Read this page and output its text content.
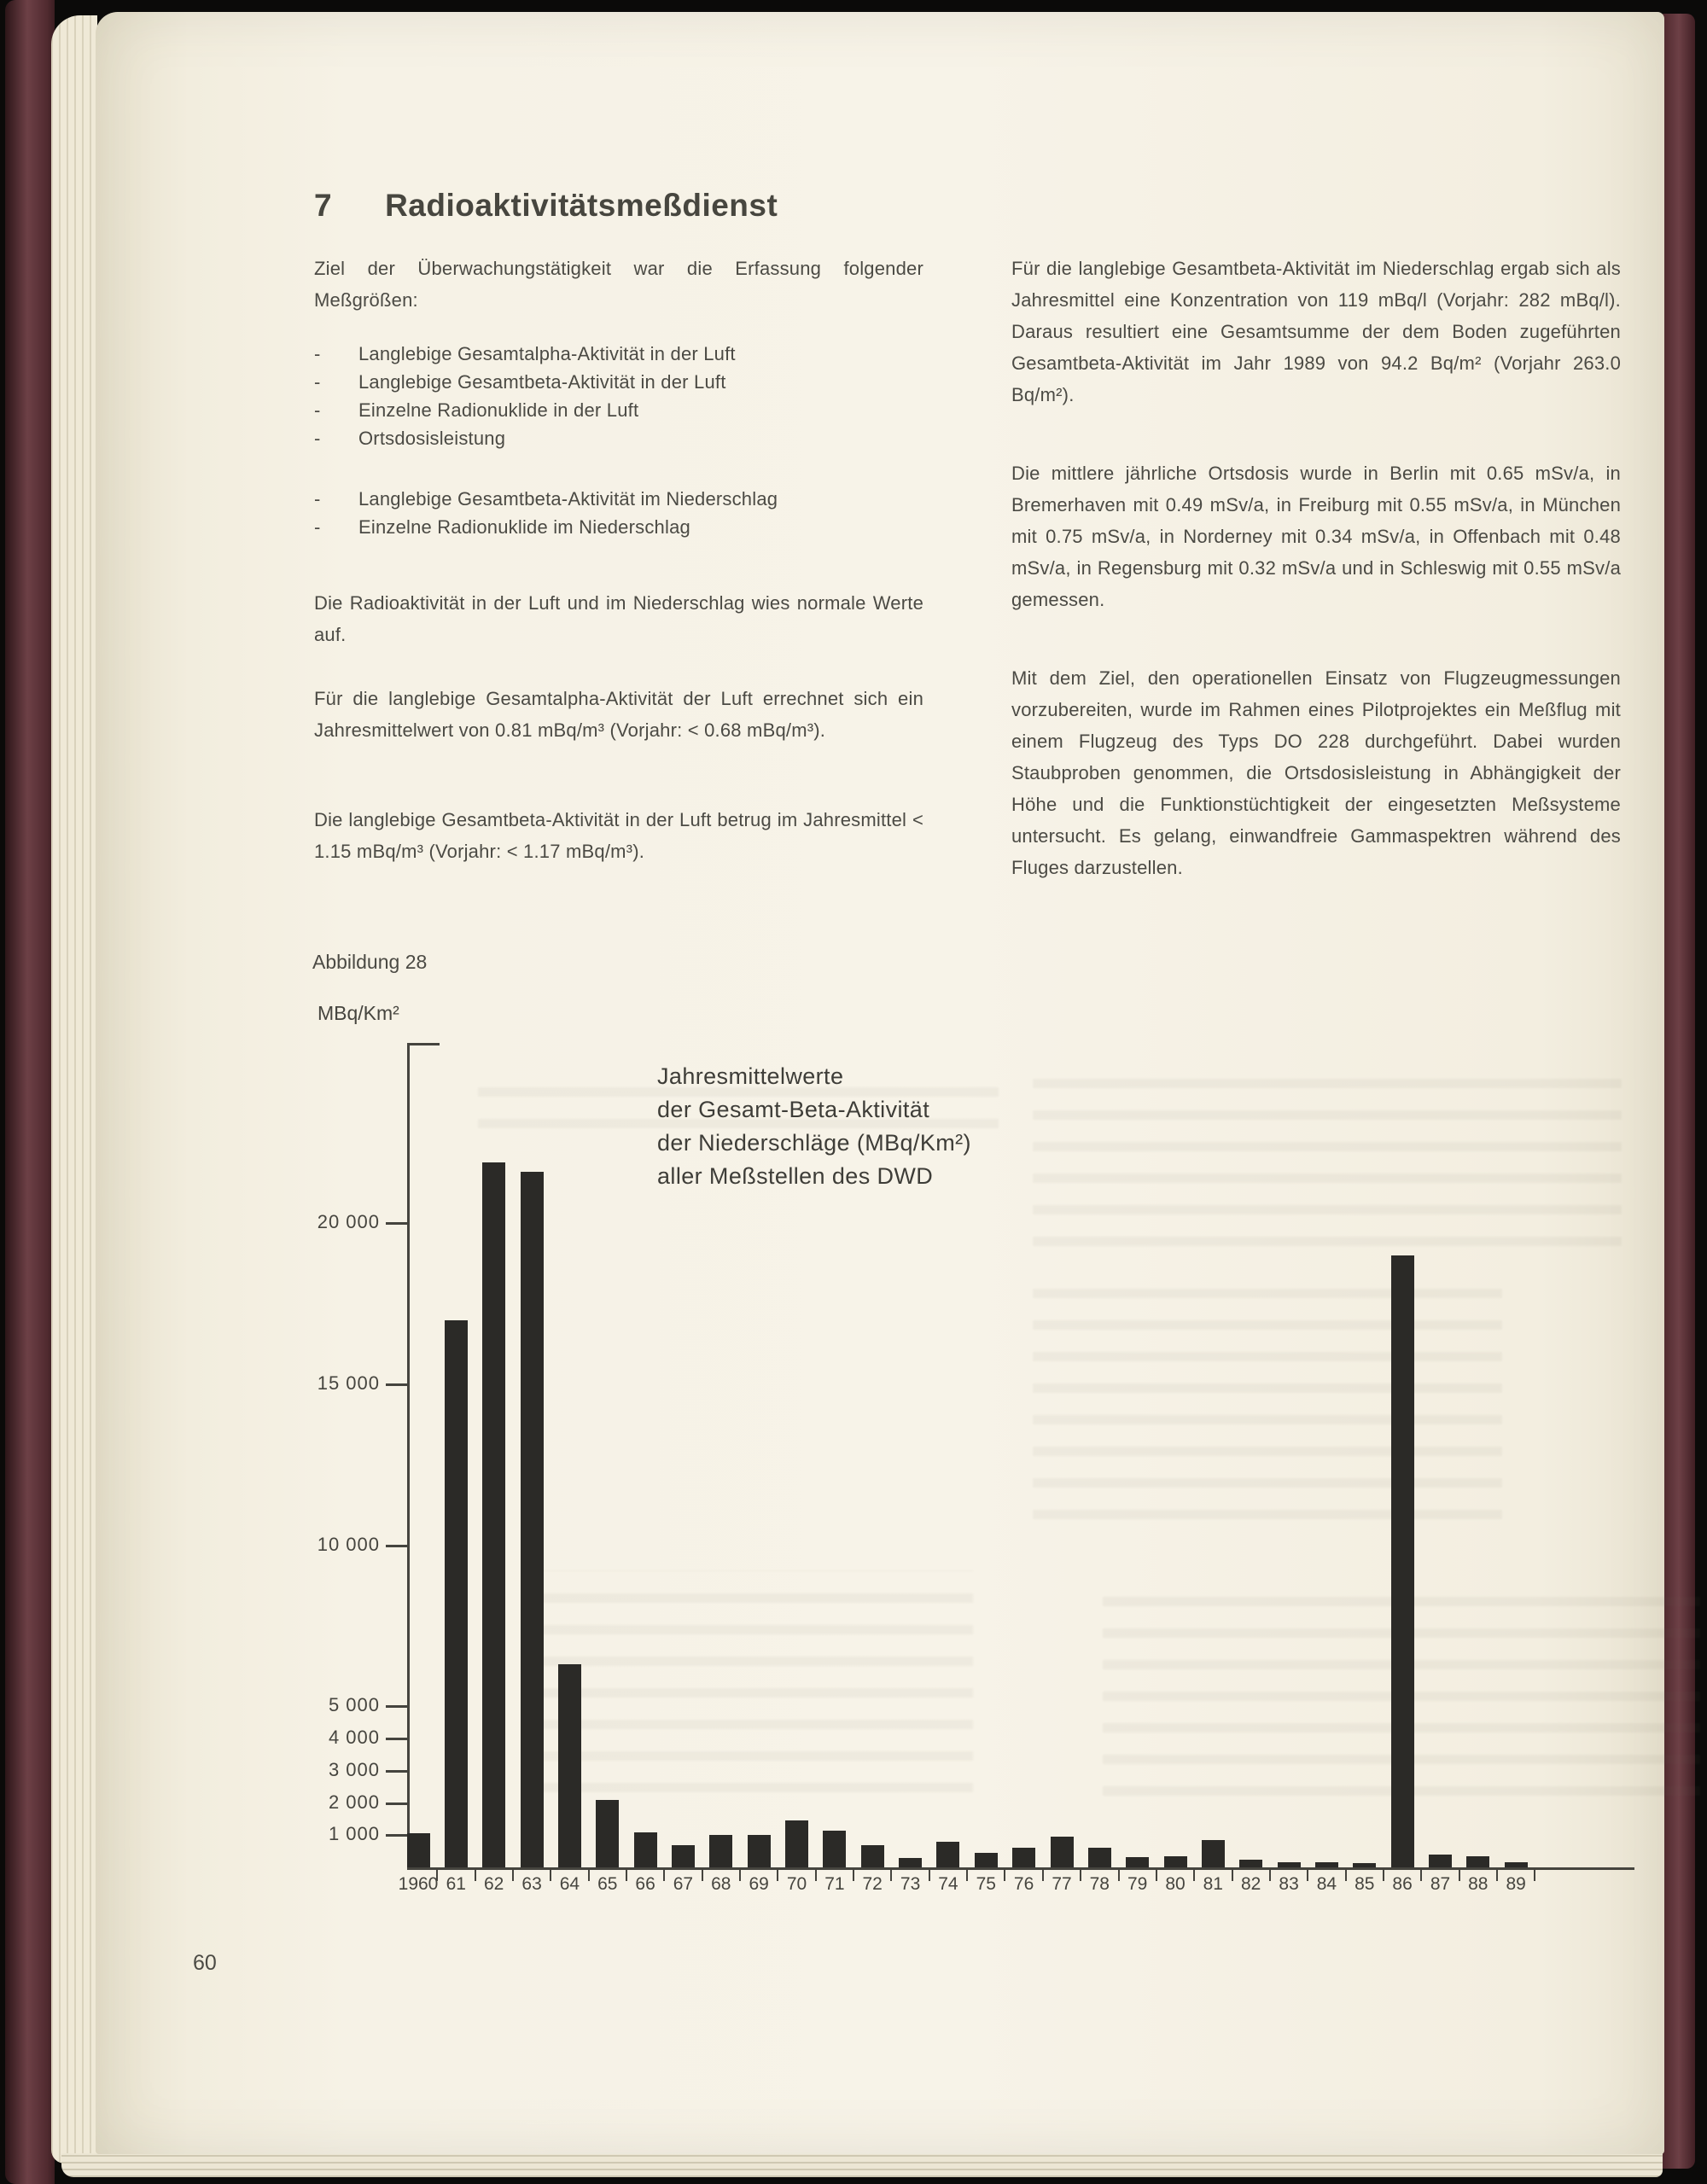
7 Radioaktivitätsmeßdienst
Ziel der Überwachungstätigkeit war die Erfassung folgender Meßgrößen:
-	Langlebige Gesamtalpha-Aktivität in der Luft
-	Langlebige Gesamtbeta-Aktivität in der Luft
-	Einzelne Radionuklide in der Luft
-	Ortsdosisleistung
-	Langlebige Gesamtbeta-Aktivität im Niederschlag
-	Einzelne Radionuklide im Niederschlag
Die Radioaktivität in der Luft und im Niederschlag wies normale Werte auf.
Für die langlebige Gesamtalpha-Aktivität der Luft errechnet sich ein Jahresmittelwert von 0.81 mBq/m³ (Vorjahr: < 0.68 mBq/m³).
Die langlebige Gesamtbeta-Aktivität in der Luft betrug im Jahresmittel < 1.15 mBq/m³ (Vorjahr: < 1.17 mBq/m³).
Für die langlebige Gesamtbeta-Aktivität im Niederschlag ergab sich als Jahresmittel eine Konzentration von 119 mBq/l (Vorjahr: 282 mBq/l). Daraus resultiert eine Gesamtsumme der dem Boden zugeführten Gesamtbeta-Aktivität im Jahr 1989 von 94.2 Bq/m² (Vorjahr 263.0 Bq/m²).
Die mittlere jährliche Ortsdosis wurde in Berlin mit 0.65 mSv/a, in Bremerhaven mit 0.49 mSv/a, in Freiburg mit 0.55 mSv/a, in München mit 0.75 mSv/a, in Norderney mit 0.34 mSv/a, in Offenbach mit 0.48 mSv/a, in Regensburg mit 0.32 mSv/a und in Schleswig mit 0.55 mSv/a gemessen.
Mit dem Ziel, den operationellen Einsatz von Flugzeugmessungen vorzubereiten, wurde im Rahmen eines Pilotprojektes ein Meßflug mit einem Flugzeug des Typs DO 228 durchgeführt. Dabei wurden Staubproben genommen, die Ortsdosisleistung in Abhängigkeit der Höhe und die Funktionstüchtigkeit der eingesetzten Meßsysteme untersucht. Es gelang, einwandfreie Gammaspektren während des Fluges darzustellen.
Abbildung 28
MBq/Km²
Jahresmittelwerte
der Gesamt-Beta-Aktivität
der Niederschläge (MBq/Km²)
aller Meßstellen des DWD
1 000
2 000
3 000
4 000
5 000
10 000
15 000
20 000
1960 61	62	63 64	65 66 67	68	69 70	71 72	73 74	75 76	77 78	79 80 81	82	83 84	85 86	87 88	89
60
